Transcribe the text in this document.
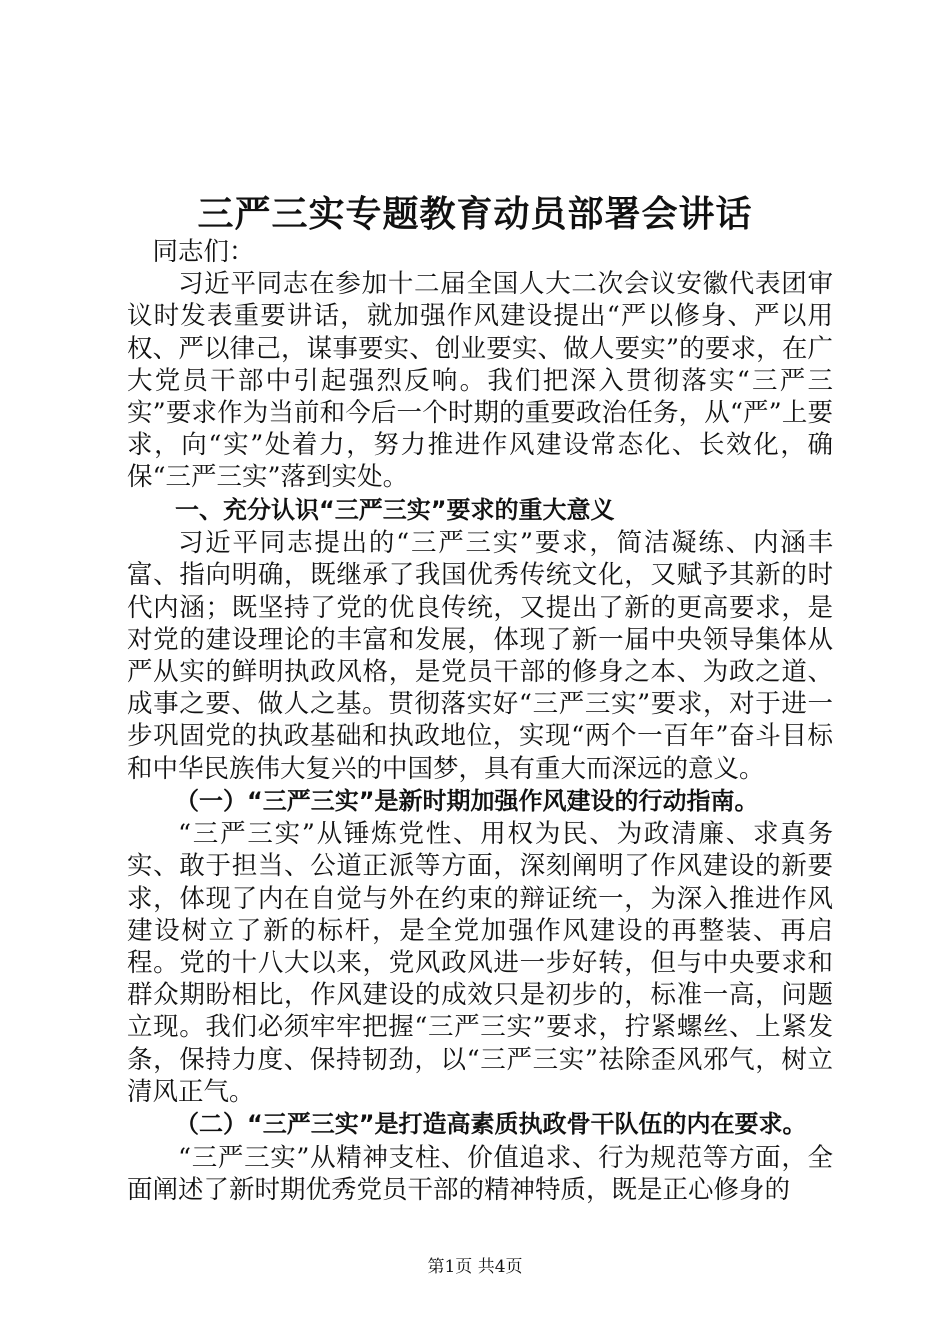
三严三实专题教育动员部署会讲话

同志们：

习近平同志在参加十二届全国人大二次会议安徽代表团审议时发表重要讲话，就加强作风建设提出“严以修身、严以用权、严以律己，谋事要实、创业要实、做人要实”的要求，在广大党员干部中引起强烈反响。我们把深入贯彻落实“三严三实”要求作为当前和今后一个时期的重要政治任务，从“严”上要求，向“实”处着力，努力推进作风建设常态化、长效化，确保“三严三实”落到实处。

一、充分认识“三严三实”要求的重大意义

习近平同志提出的“三严三实”要求，简洁凝练、内涵丰富、指向明确，既继承了我国优秀传统文化，又赋予其新的时代内涵；既坚持了党的优良传统，又提出了新的更高要求，是对党的建设理论的丰富和发展，体现了新一届中央领导集体从严从实的鲜明执政风格，是党员干部的修身之本、为政之道、成事之要、做人之基。贯彻落实好“三严三实”要求，对于进一步巩固党的执政基础和执政地位，实现“两个一百年”奋斗目标和中华民族伟大复兴的中国梦，具有重大而深远的意义。

（一）“三严三实”是新时期加强作风建设的行动指南。

“三严三实”从锤炼党性、用权为民、为政清廉、求真务实、敢于担当、公道正派等方面，深刻阐明了作风建设的新要求，体现了内在自觉与外在约束的辩证统一，为深入推进作风建设树立了新的标杆，是全党加强作风建设的再整装、再启程。党的十八大以来，党风政风进一步好转，但与中央要求和群众期盼相比，作风建设的成效只是初步的，标准一高，问题立现。我们必须牢牢把握“三严三实”要求，拧紧螺丝、上紧发条，保持力度、保持韧劲，以“三严三实”祛除歪风邪气，树立清风正气。

（二）“三严三实”是打造高素质执政骨干队伍的内在要求。

“三严三实”从精神支柱、价值追求、行为规范等方面，全面阐述了新时期优秀党员干部的精神特质，既是正心修身的

第1页 共4页
